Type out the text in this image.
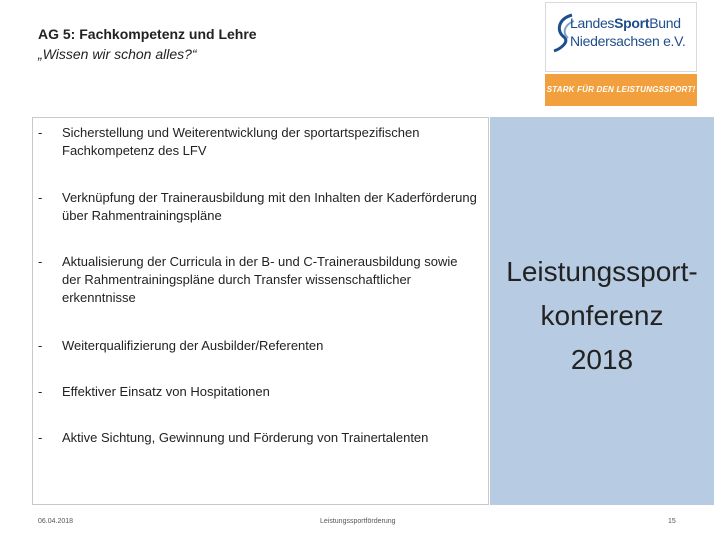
AG 5: Fachkompetenz und Lehre

„Wissen wir schon alles?“

LandesSportBund
Niedersachsen e.V.
STARK FÜR DEN LEISTUNGSSPORT!
-	Sicherstellung und Weiterentwicklung der sportartspezifischen Fachkompetenz des LFV
-	Verknüpfung der Trainerausbildung mit den Inhalten der Kaderförderung über Rahmentrainingspläne
-	Aktualisierung der Curricula in der B- und C-Trainerausbildung sowie der Rahmentrainingspläne durch Transfer wissenschaftlicher erkenntnisse
-	Weiterqualifizierung der Ausbilder/Referenten
-	Effektiver Einsatz von Hospitationen
-	Aktive Sichtung, Gewinnung und Förderung von Trainertalenten
Leistungssport-
konferenz
2018
06.04.2018	Leistungssportförderung	15
